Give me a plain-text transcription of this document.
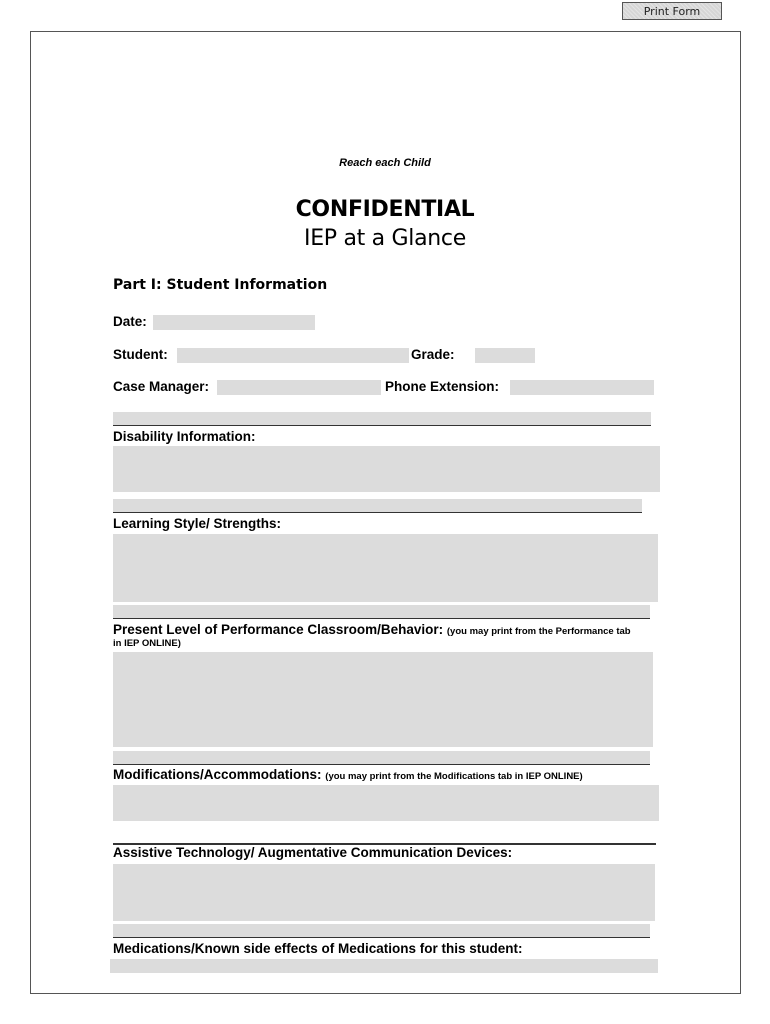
Print Form
Reach each Child
CONFIDENTIAL
IEP at a Glance
Part I: Student Information
Date:
Student:	Grade:
Case Manager:	Phone Extension:
Disability Information:
Learning Style/ Strengths:
Present Level of Performance Classroom/Behavior: (you may print from the Performance tab
in IEP ONLINE)
Modifications/Accommodations: (you may print from the Modifications tab in IEP ONLINE)
Assistive Technology/ Augmentative Communication Devices:
Medications/Known side effects of Medications for this student:
